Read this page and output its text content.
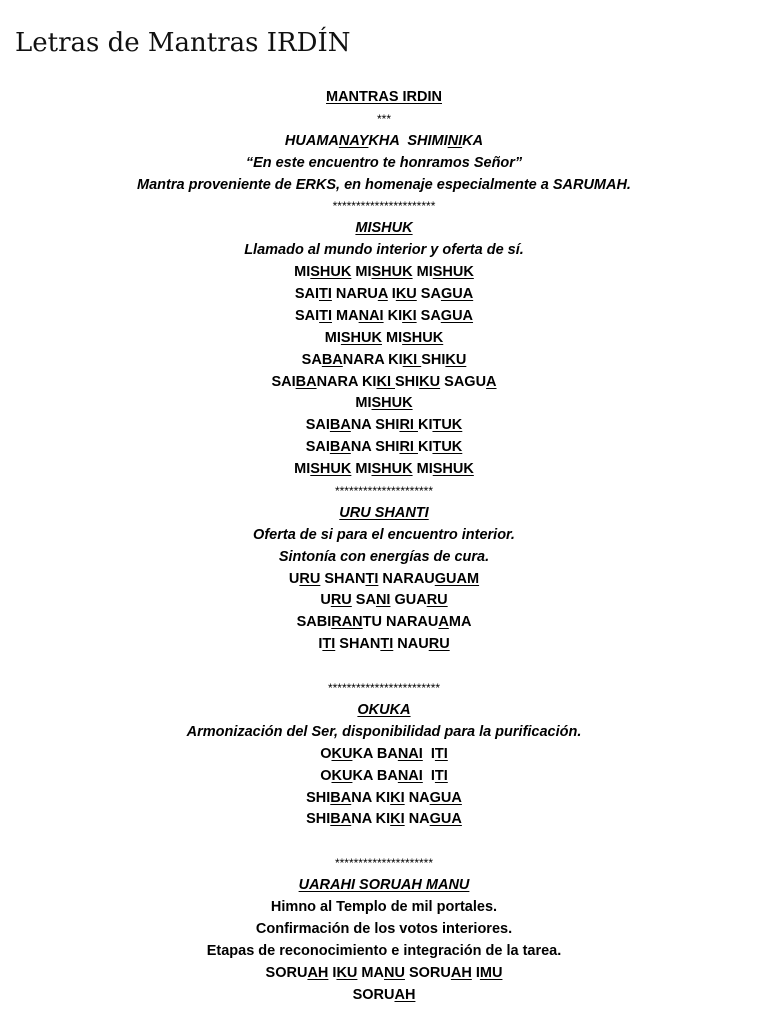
Letras de Mantras IRDÍN
MANTRAS IRDIN
***
HUAMANAYKHA  SHIMINIKA
“En este encuentro te honramos Señor”
Mantra proveniente de ERKS, en homenaje especialmente a SARUMAH.
**********************
MISHUK
Llamado al mundo interior y oferta de sí.
MISHUK MISHUK MISHUK
SAITI NARUA IKU SAGUA
SAITI MANAI KIKI SAGUA
MISHUK MISHUK
SABANARA KIKI SHIKU
SAIBANARA KIKI SHIKU SAGUA
MISHUK
SAIBANA SHIRI KITUK
SAIBANA SHIRI KITUK
MISHUK MISHUK MISHUK
*********************
URU SHANTI
Oferta de si para el encuentro interior.
Sintonía con energías de cura.
URU SHANTI NARAUGUAM
URU SANI GUARU
SABIRANTU NARAUAMA
ITI SHANTI NAURU

************************
OKUKA
Armonización del Ser, disponibilidad para la purificación.
OKUKA BANAI  ITI
OKUKA BANAI  ITI
SHIBANA KIKI NAGUA
SHIBANA KIKI NAGUA

*********************
UARAHI SORUAH MANU
Himno al Templo de mil portales.
Confirmación de los votos interiores.
Etapas de reconocimiento e integración de la tarea.
SORUAH IKU MANU SORUAH IMU
SORUAH
